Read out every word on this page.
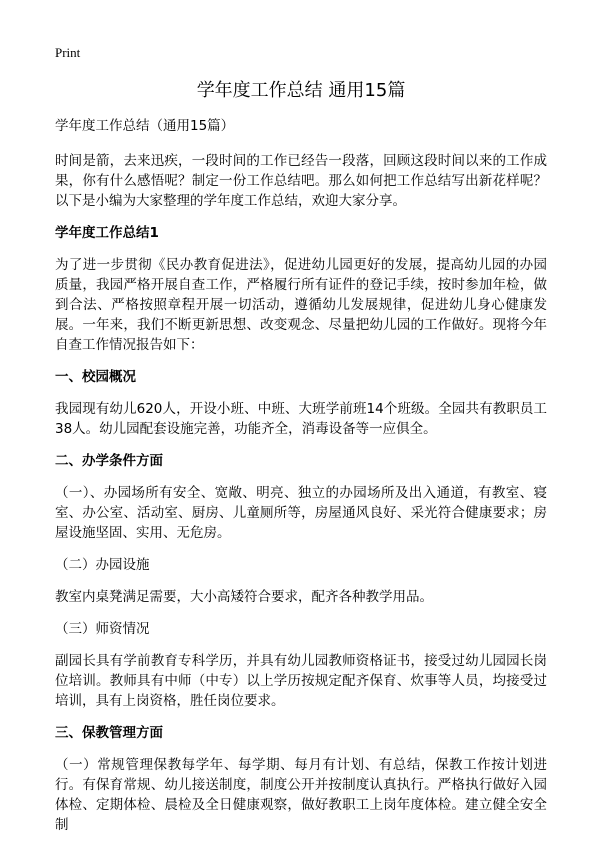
Print
学年度工作总结 通用15篇
学年度工作总结（通用15篇）

时间是箭，去来迅疾，一段时间的工作已经告一段落，回顾这段时间以来的工作成果，你有什么感悟呢？制定一份工作总结吧。那么如何把工作总结写出新花样呢？以下是小编为大家整理的学年度工作总结，欢迎大家分享。

学年度工作总结1

为了进一步贯彻《民办教育促进法》，促进幼儿园更好的发展，提高幼儿园的办园质量，我园严格开展自查工作，严格履行所有证件的登记手续，按时参加年检，做到合法、严格按照章程开展一切活动，遵循幼儿发展规律，促进幼儿身心健康发展。一年来，我们不断更新思想、改变观念、尽量把幼儿园的工作做好。现将今年自查工作情况报告如下：

一、校园概况

我园现有幼儿620人，开设小班、中班、大班学前班14个班级。全园共有教职员工38人。幼儿园配套设施完善，功能齐全，消毒设备等一应俱全。

二、办学条件方面

（一）、办园场所有安全、宽敞、明亮、独立的办园场所及出入通道，有教室、寝室、办公室、活动室、厨房、儿童厕所等，房屋通风良好、采光符合健康要求；房屋设施坚固、实用、无危房。

（二）办园设施

教室内桌凳满足需要，大小高矮符合要求，配齐各种教学用品。

（三）师资情况

副园长具有学前教育专科学历，并具有幼儿园教师资格证书，接受过幼儿园园长岗位培训。教师具有中师（中专）以上学历按规定配齐保育、炊事等人员，均接受过培训，具有上岗资格，胜任岗位要求。

三、保教管理方面

（一）常规管理保教每学年、每学期、每月有计划、有总结，保教工作按计划进行。有保育常规、幼儿接送制度，制度公开并按制度认真执行。严格执行做好入园体检、定期体检、晨检及全日健康观察，做好教职工上岗年度体检。建立健全安全制
